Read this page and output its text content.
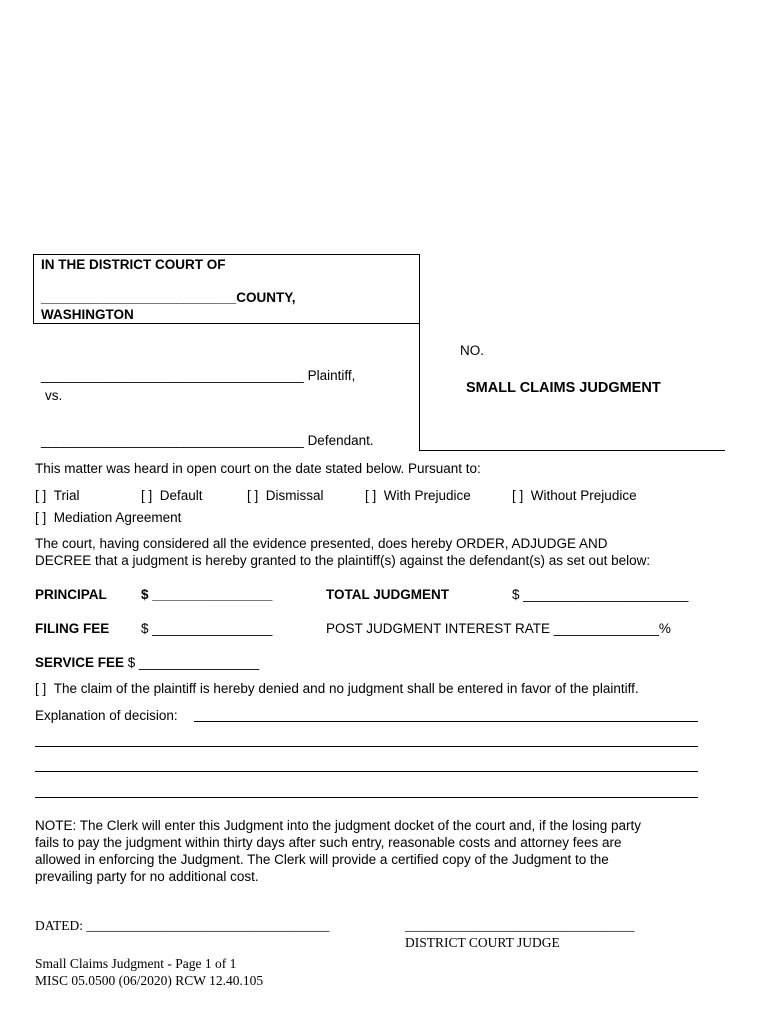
IN THE DISTRICT COURT OF
__________________________COUNTY,
WASHINGTON
___________________________________ Plaintiff,
vs.
___________________________________ Defendant.
NO.
SMALL CLAIMS JUDGMENT
This matter was heard in open court on the date stated below. Pursuant to:
[ ] Trial	[ ] Default	[ ] Dismissal	[ ] With Prejudice	[ ] Without Prejudice
[ ] Mediation Agreement
The court, having considered all the evidence presented, does hereby ORDER, ADJUDGE AND
DECREE that a judgment is hereby granted to the plaintiff(s) against the defendant(s) as set out below:
PRINCIPAL	$ ________________	TOTAL JUDGMENT	$ ______________________
FILING FEE $ ________________	POST JUDGMENT INTEREST RATE ______________%
SERVICE FEE $ ________________
[ ] The claim of the plaintiff is hereby denied and no judgment shall be entered in favor of the plaintiff.
Explanation of decision:
NOTE: The Clerk will enter this Judgment into the judgment docket of the court and, if the losing party
fails to pay the judgment within thirty days after such entry, reasonable costs and attorney fees are
allowed in enforcing the Judgment. The Clerk will provide a certified copy of the Judgment to the
prevailing party for no additional cost.
DATED: ____________________________________	__________________________________
DISTRICT COURT JUDGE
Small Claims Judgment - Page 1 of 1
MISC 05.0500 (06/2020) RCW 12.40.105
